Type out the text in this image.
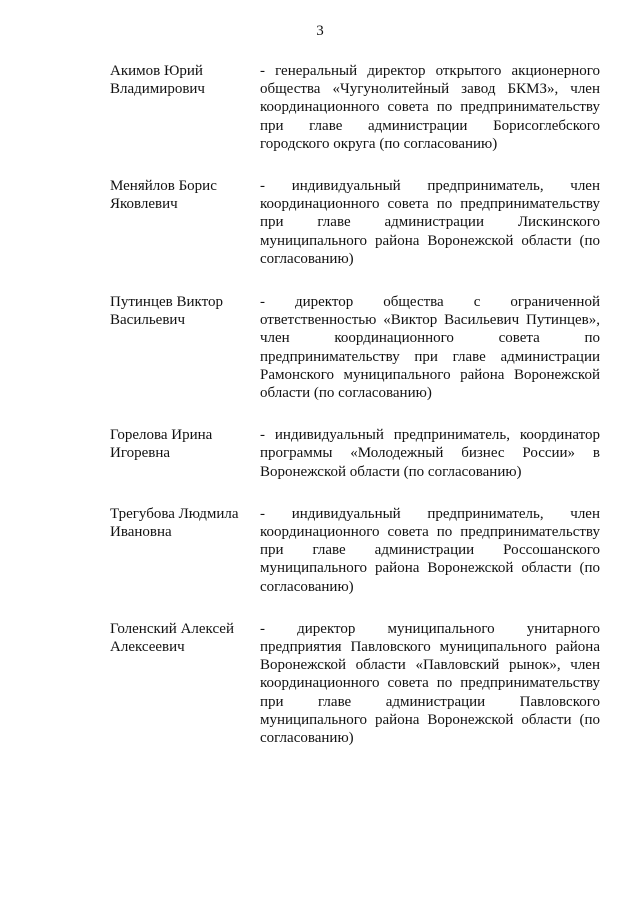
3
Акимов Юрий Владимирович
- генеральный директор открытого акционерного общества «Чугунолитейный завод БКМЗ», член координационного совета по предпринимательству при главе администрации Борисоглебского городского округа (по согласованию)
Меняйлов Борис Яковлевич
- индивидуальный предприниматель, член координационного совета по предпринимательству при главе администрации Лискинского муниципального района Воронежской области (по согласованию)
Путинцев Виктор Васильевич
- директор общества с ограниченной ответственностью «Виктор Васильевич Путинцев», член координационного совета по предпринимательству при главе администрации Рамонского муниципального района Воронежской области (по согласованию)
Горелова Ирина Игоревна
- индивидуальный предприниматель, координатор программы «Молодежный бизнес России» в Воронежской области (по согласованию)
Трегубова Людмила Ивановна
- индивидуальный предприниматель, член координационного совета по предпринимательству при главе администрации Россошанского муниципального района Воронежской области (по согласованию)
Голенский Алексей Алексеевич
- директор муниципального унитарного предприятия Павловского муниципального района Воронежской области «Павловский рынок», член координационного совета по предпринимательству при главе администрации Павловского муниципального района Воронежской области (по согласованию)
